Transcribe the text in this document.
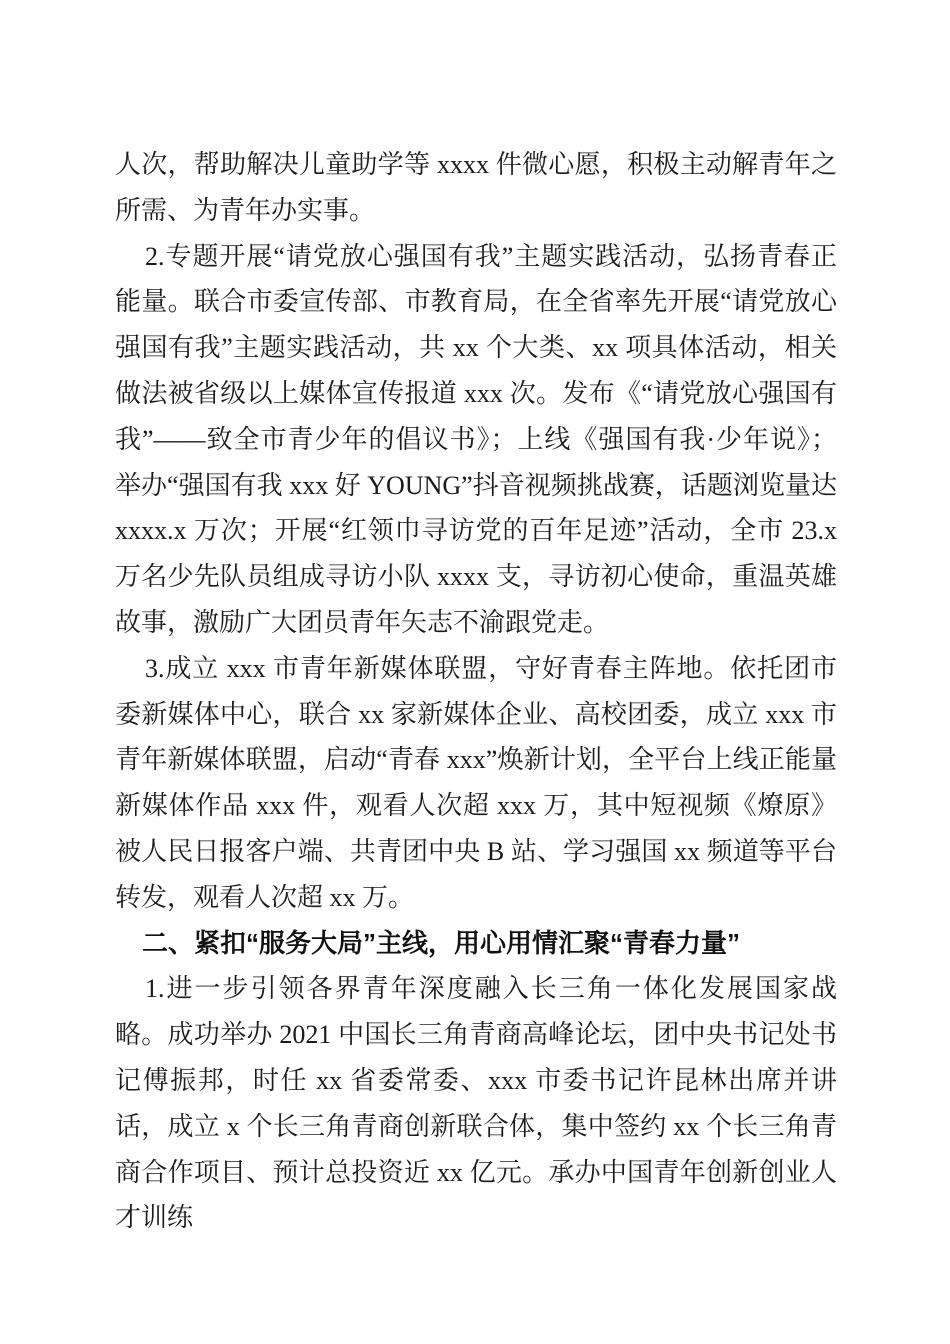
人次，帮助解决儿童助学等 xxxx 件微心愿，积极主动解青年之所需、为青年办实事。

2.专题开展“请党放心强国有我”主题实践活动，弘扬青春正能量。联合市委宣传部、市教育局，在全省率先开展“请党放心强国有我”主题实践活动，共 xx 个大类、xx 项具体活动，相关做法被省级以上媒体宣传报道 xxx 次。发布《“请党放心强国有我”——致全市青少年的倡议书》；上线《强国有我·少年说》；举办“强国有我 xxx 好 YOUNG”抖音视频挑战赛，话题浏览量达 xxxx.x 万次；开展“红领巾寻访党的百年足迹”活动，全市 23.x 万名少先队员组成寻访小队 xxxx 支，寻访初心使命，重温英雄故事，激励广大团员青年矢志不渝跟党走。

3.成立 xxx 市青年新媒体联盟，守好青春主阵地。依托团市委新媒体中心，联合 xx 家新媒体企业、高校团委，成立 xxx 市青年新媒体联盟，启动“青春 xxx”焕新计划，全平台上线正能量新媒体作品 xxx 件，观看人次超 xxx 万，其中短视频《燎原》被人民日报客户端、共青团中央 B 站、学习强国 xx 频道等平台转发，观看人次超 xx 万。

二、紧扣“服务大局”主线，用心用情汇聚“青春力量”

1.进一步引领各界青年深度融入长三角一体化发展国家战略。成功举办 2021 中国长三角青商高峰论坛，团中央书记处书记傅振邦，时任 xx 省委常委、xxx 市委书记许昆林出席并讲话，成立 x 个长三角青商创新联合体，集中签约 xx 个长三角青商合作项目、预计总投资近 xx 亿元。承办中国青年创新创业人才训练
